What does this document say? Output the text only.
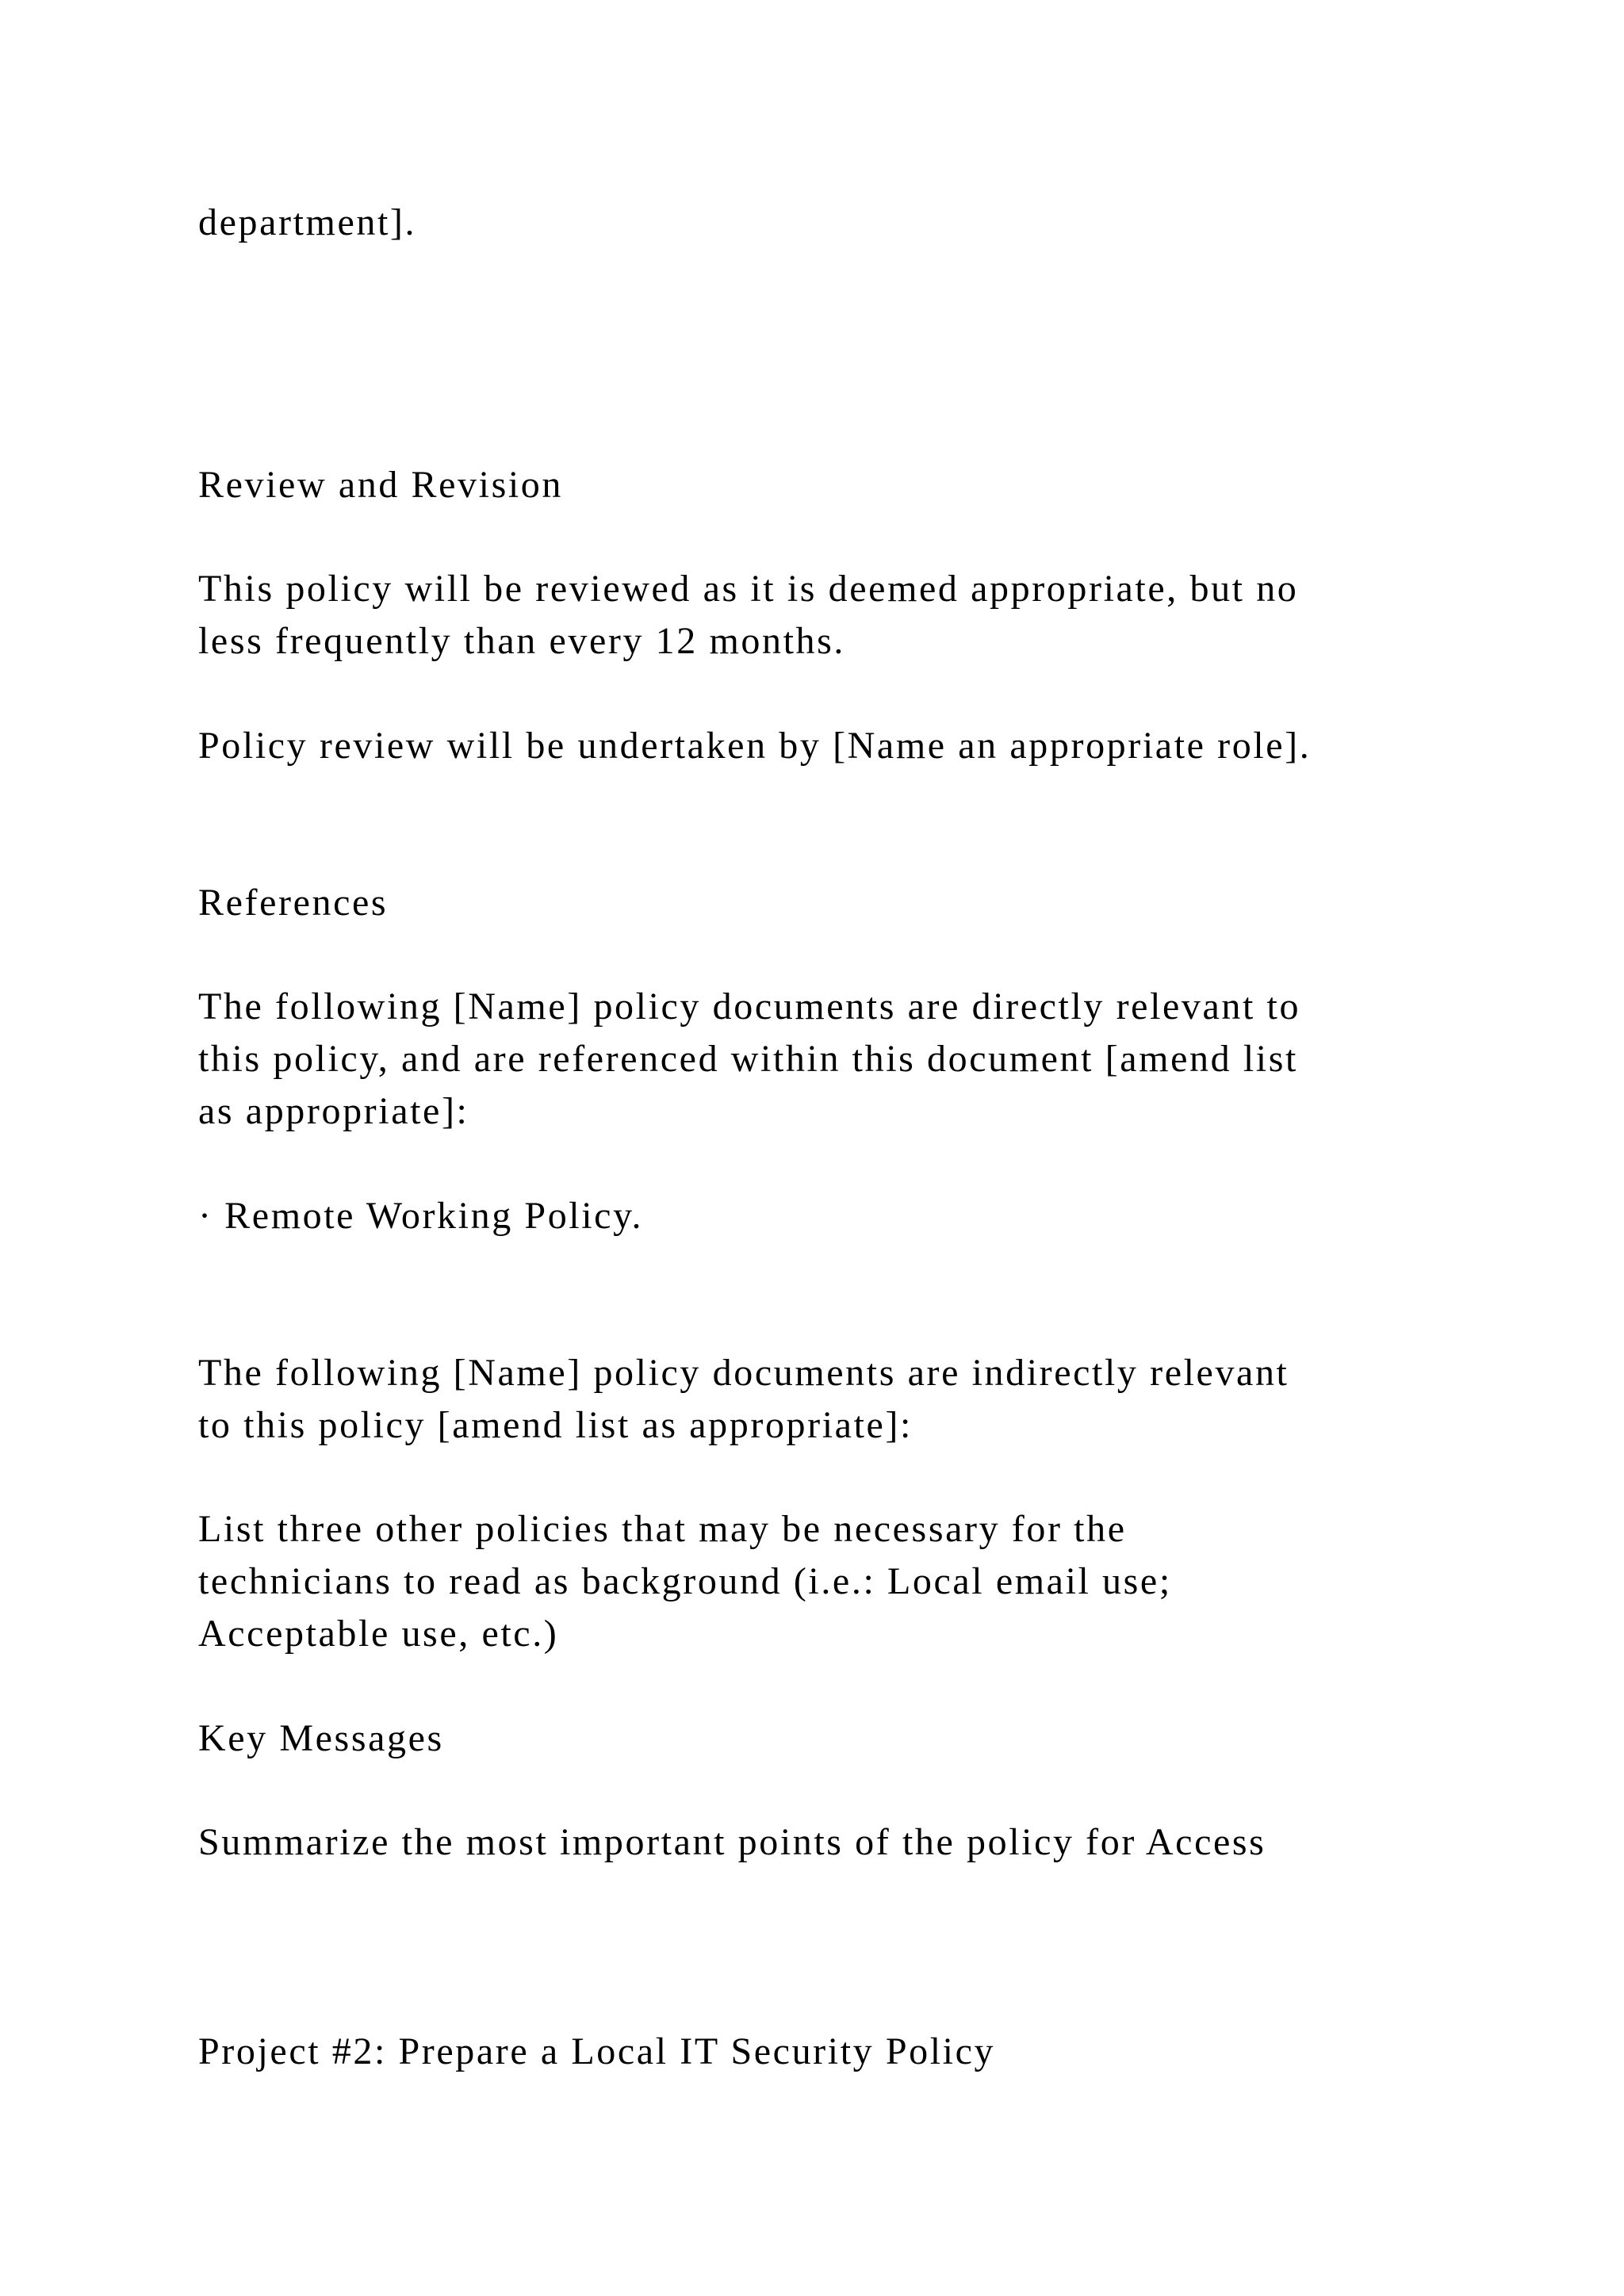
department].

Review and Revision

This policy will be reviewed as it is deemed appropriate, but no

less frequently than every 12 months.

Policy review will be undertaken by [Name an appropriate role].

References

The following [Name] policy documents are directly relevant to

this policy, and are referenced within this document [amend list

as appropriate]:

· Remote Working Policy.

The following [Name] policy documents are indirectly relevant

to this policy [amend list as appropriate]:

List three other policies that may be necessary for the

technicians to read as background (i.e.: Local email use;

Acceptable use, etc.)

Key Messages

Summarize the most important points of the policy for Access

Project #2: Prepare a Local IT Security Policy
